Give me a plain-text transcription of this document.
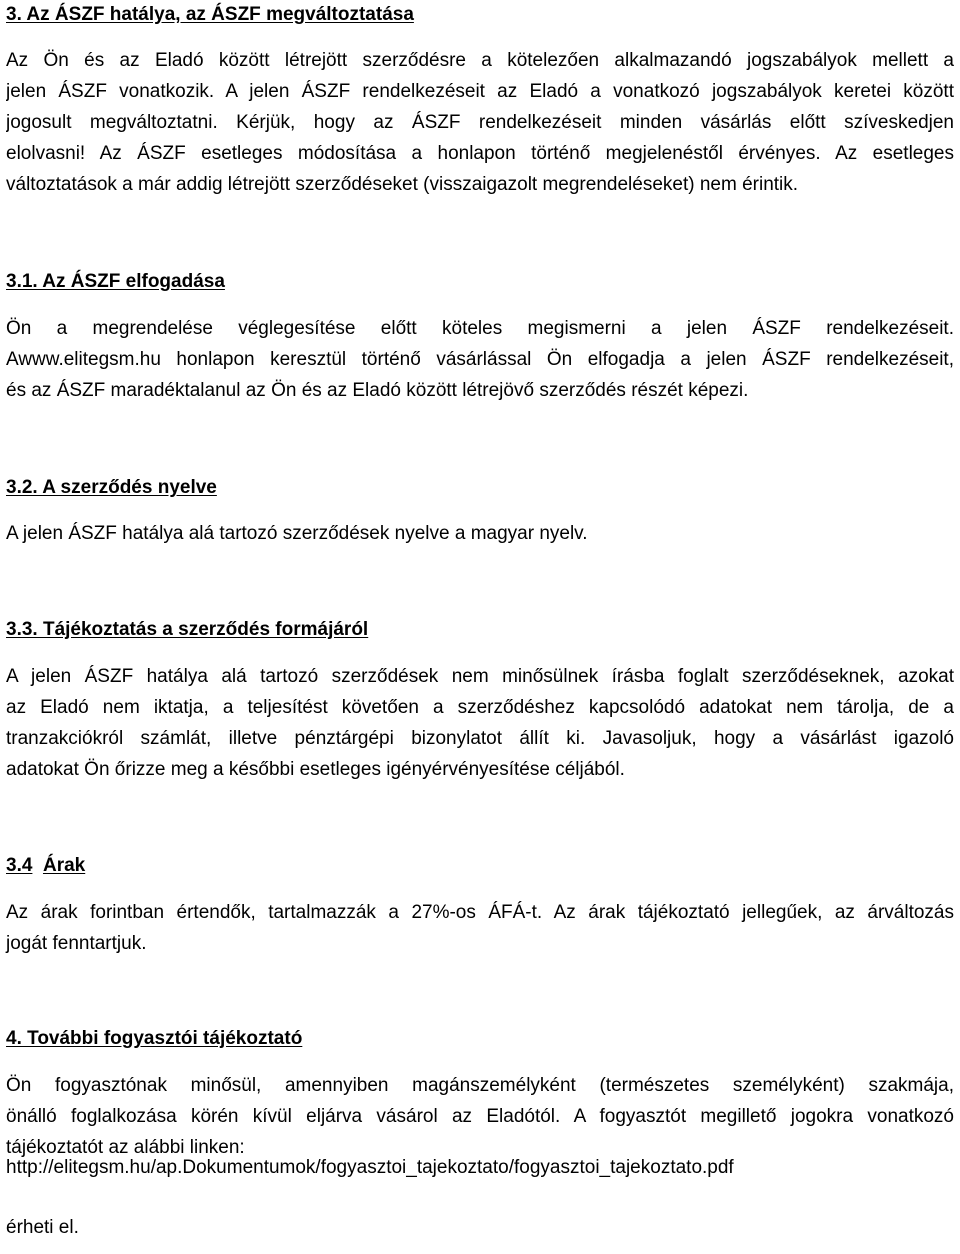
3. Az ÁSZF hatálya, az ÁSZF megváltoztatása
Az Ön és az Eladó között létrejött szerződésre a kötelezően alkalmazandó jogszabályok mellett a
jelen ÁSZF vonatkozik. A jelen ÁSZF rendelkezéseit az Eladó a vonatkozó jogszabályok keretei között
jogosult megváltoztatni. Kérjük, hogy az ÁSZF rendelkezéseit minden vásárlás előtt szíveskedjen
elolvasni! Az ÁSZF esetleges módosítása a honlapon történő megjelenéstől érvényes. Az esetleges
változtatások a már addig létrejött szerződéseket (visszaigazolt megrendeléseket) nem érintik.
3.1. Az ÁSZF elfogadása
Ön a megrendelése véglegesítése előtt köteles megismerni a jelen ÁSZF rendelkezéseit.
Awww.elitegsm.hu honlapon keresztül történő vásárlással Ön elfogadja a jelen ÁSZF rendelkezéseit,
és az ÁSZF maradéktalanul az Ön és az Eladó között létrejövő szerződés részét képezi.
3.2. A szerződés nyelve
A jelen ÁSZF hatálya alá tartozó szerződések nyelve a magyar nyelv.
3.3. Tájékoztatás a szerződés formájáról
A jelen ÁSZF hatálya alá tartozó szerződések nem minősülnek írásba foglalt szerződéseknek, azokat
az Eladó nem iktatja, a teljesítést követően a szerződéshez kapcsolódó adatokat nem tárolja, de a
tranzakciókról számlát, illetve pénztárgépi bizonylatot állít ki. Javasoljuk, hogy a vásárlást igazoló
adatokat Ön őrizze meg a későbbi esetleges igényérvényesítése céljából.
3.4 Árak
Az árak forintban értendők, tartalmazzák a 27%-os ÁFÁ-t. Az árak tájékoztató jellegűek, az árváltozás
jogát fenntartjuk.
4. További fogyasztói tájékoztató
Ön fogyasztónak minősül, amennyiben magánszemélyként (természetes személyként) szakmája,
önálló foglalkozása körén kívül eljárva vásárol az Eladótól. A fogyasztót megillető jogokra vonatkozó
tájékoztatót az alábbi linken:
http://elitegsm.hu/ap.Dokumentumok/fogyasztoi_tajekoztato/fogyasztoi_tajekoztato.pdf
érheti el.
